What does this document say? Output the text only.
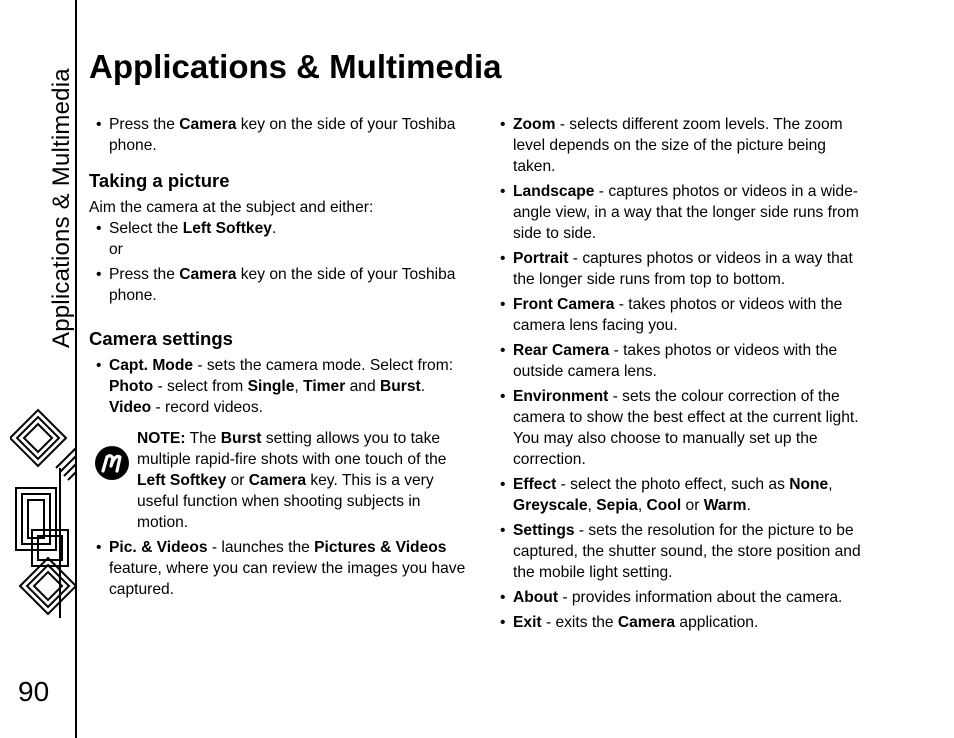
Applications & Multimedia
90
Applications & Multimedia
• Press the Camera key on the side of your Toshiba phone.
Taking a picture

Aim the camera at the subject and either:

• Select the Left Softkey.
or
• Press the Camera key on the side of your Toshiba phone.
Camera settings
• Capt. Mode - sets the camera mode. Select from:
Photo - select from Single, Timer and Burst.
Video - record videos.
NOTE: The Burst setting allows you to take multiple rapid-fire shots with one touch of the Left Softkey or Camera key. This is a very useful function when shooting subjects in motion.
• Pic. & Videos - launches the Pictures & Videos feature, where you can review the images you have captured.
• Zoom - selects different zoom levels. The zoom level depends on the size of the picture being taken.
• Landscape - captures photos or videos in a wide-angle view, in a way that the longer side runs from side to side.
• Portrait - captures photos or videos in a way that the longer side runs from top to bottom.
• Front Camera - takes photos or videos with the camera lens facing you.
• Rear Camera - takes photos or videos with the outside camera lens.
• Environment - sets the colour correction of the camera to show the best effect at the current light. You may also choose to manually set up the correction.
• Effect - select the photo effect, such as None, Greyscale, Sepia, Cool or Warm.
• Settings - sets the resolution for the picture to be captured, the shutter sound, the store position and the mobile light setting.
• About - provides information about the camera.
• Exit - exits the Camera application.
